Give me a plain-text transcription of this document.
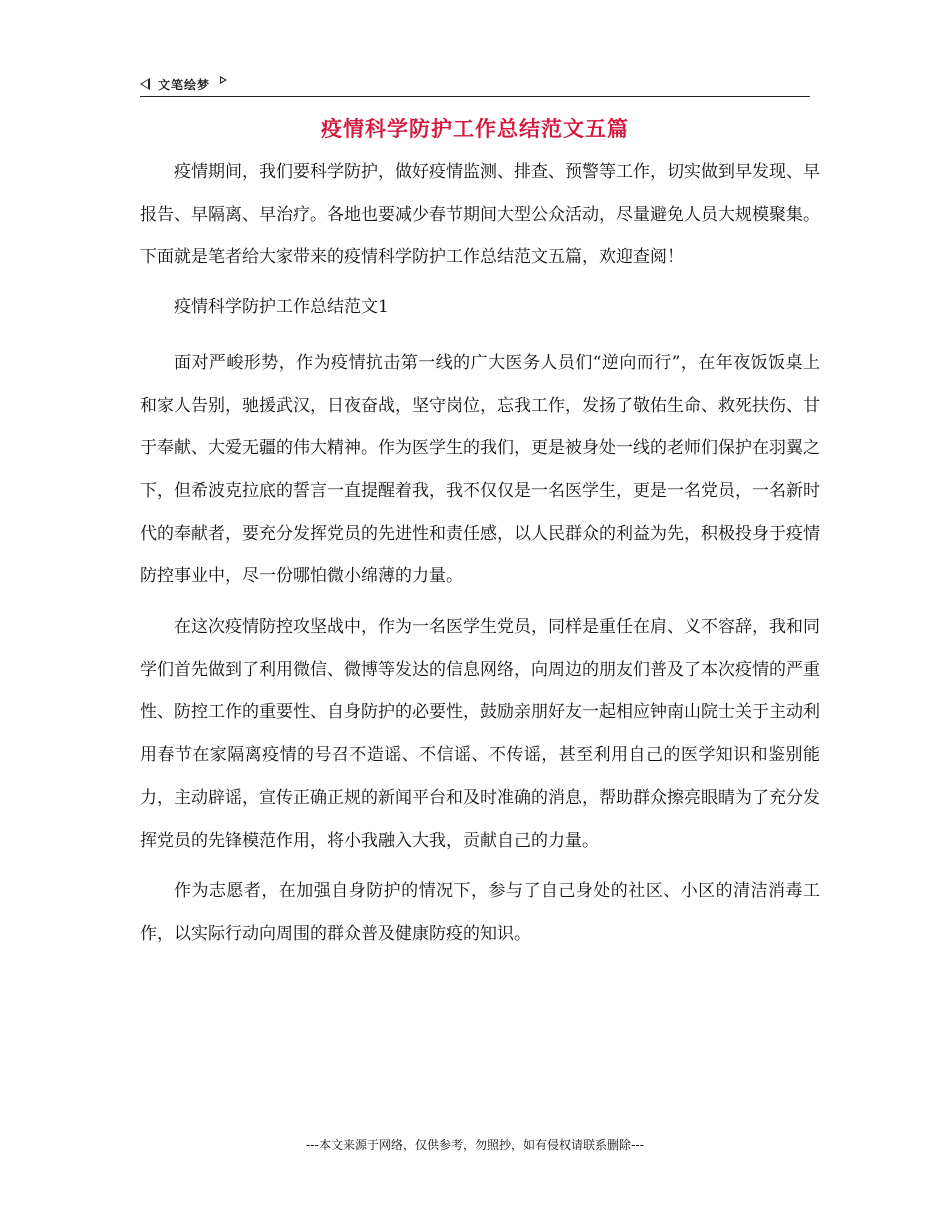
文笔绘梦
疫情科学防护工作总结范文五篇

疫情期间，我们要科学防护，做好疫情监测、排查、预警等工作，切实做到早发现、早报告、早隔离、早治疗。各地也要减少春节期间大型公众活动，尽量避免人员大规模聚集。下面就是笔者给大家带来的疫情科学防护工作总结范文五篇，欢迎查阅！

疫情科学防护工作总结范文1

面对严峻形势，作为疫情抗击第一线的广大医务人员们“逆向而行”，在年夜饭饭桌上和家人告别，驰援武汉，日夜奋战，坚守岗位，忘我工作，发扬了敬佑生命、救死扶伤、甘于奉献、大爱无疆的伟大精神。作为医学生的我们，更是被身处一线的老师们保护在羽翼之下，但希波克拉底的誓言一直提醒着我，我不仅仅是一名医学生，更是一名党员，一名新时代的奉献者，要充分发挥党员的先进性和责任感，以人民群众的利益为先，积极投身于疫情防控事业中，尽一份哪怕微小绵薄的力量。

在这次疫情防控攻坚战中，作为一名医学生党员，同样是重任在肩、义不容辞，我和同学们首先做到了利用微信、微博等发达的信息网络，向周边的朋友们普及了本次疫情的严重性、防控工作的重要性、自身防护的必要性，鼓励亲朋好友一起相应钟南山院士关于主动利用春节在家隔离疫情的号召不造谣、不信谣、不传谣，甚至利用自己的医学知识和鉴别能力，主动辟谣，宣传正确正规的新闻平台和及时准确的消息，帮助群众擦亮眼睛为了充分发挥党员的先锋模范作用，将小我融入大我，贡献自己的力量。

作为志愿者，在加强自身防护的情况下，参与了自己身处的社区、小区的清洁消毒工作，以实际行动向周围的群众普及健康防疫的知识。

---本文来源于网络，仅供参考，勿照抄，如有侵权请联系删除---
